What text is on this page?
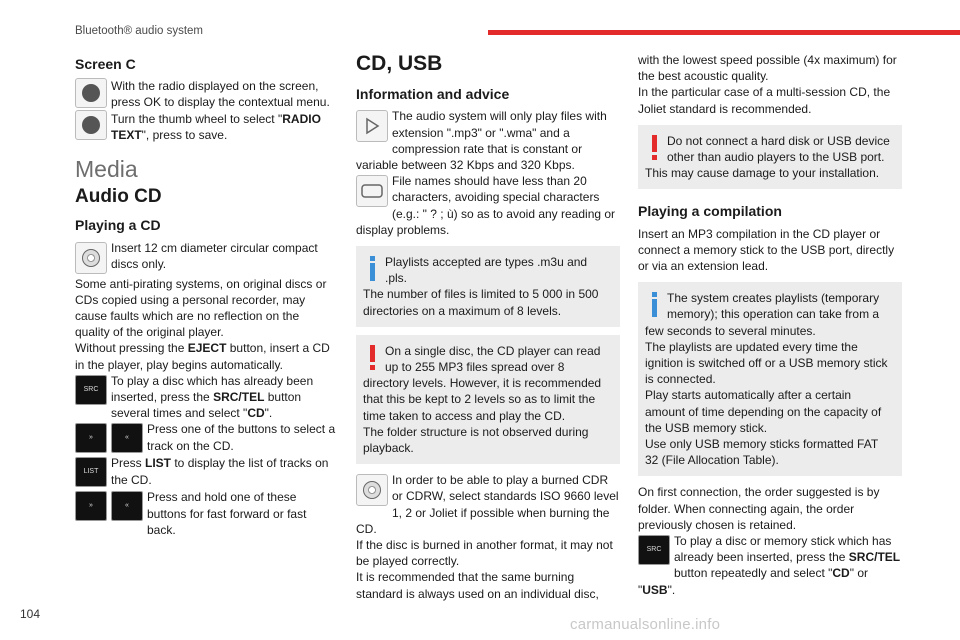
Bluetooth® audio system
Screen C

With the radio displayed on the screen, press OK to display the contextual menu. Turn the thumb wheel to select "RADIO TEXT", press to save.

Media
Audio CD
Playing a CD

Insert 12 cm diameter circular compact discs only.

Some anti-pirating systems, on original discs or CDs copied using a personal recorder, may cause faults which are no reflection on the quality of the original player.

Without pressing the EJECT button, insert a CD in the player, play begins automatically.

SRC

To play a disc which has already been inserted, press the SRC/TEL button several times and select "CD".

»	«

Press one of the buttons to select a track on the CD.

LIST

Press LIST to display the list of tracks on the CD.

»	«

Press and hold one of these buttons for fast forward or fast back.

CD, USB
Information and advice

The audio system will only play files with extension ".mp3" or ".wma" and a compression rate that is constant or variable between 32 Kbps and 320 Kbps.

File names should have less than 20 characters, avoiding special characters (e.g.: " ? ; ù) so as to avoid any reading or display problems.

Playlists accepted are types .m3u and .pls.

The number of files is limited to 5 000 in 500 directories on a maximum of 8 levels.

On a single disc, the CD player can read up to 255 MP3 files spread over 8 directory levels. However, it is recommended that this be kept to 2 levels so as to limit the time taken to access and play the CD.

The folder structure is not observed during playback.

In order to be able to play a burned CDR or CDRW, select standards ISO 9660 level 1, 2 or Joliet if possible when burning the CD.

If the disc is burned in another format, it may not be played correctly.

It is recommended that the same burning standard is always used on an individual disc,

with the lowest speed possible (4x maximum) for the best acoustic quality.

In the particular case of a multi-session CD, the Joliet standard is recommended.

Do not connect a hard disk or USB device other than audio players to the USB port. This may cause damage to your installation.

Playing a compilation

Insert an MP3 compilation in the CD player or connect a memory stick to the USB port, directly or via an extension lead.

The system creates playlists (temporary memory); this operation can take from a few seconds to several minutes.

The playlists are updated every time the ignition is switched off or a USB memory stick is connected.

Play starts automatically after a certain amount of time depending on the capacity of the USB memory stick.

Use only USB memory sticks formatted FAT 32 (File Allocation Table).

On first connection, the order suggested is by folder. When connecting again, the order previously chosen is retained.

SRC

To play a disc or memory stick which has already been inserted, press the SRC/TEL button repeatedly and select "CD" or "USB".

104
carmanualsonline.info
